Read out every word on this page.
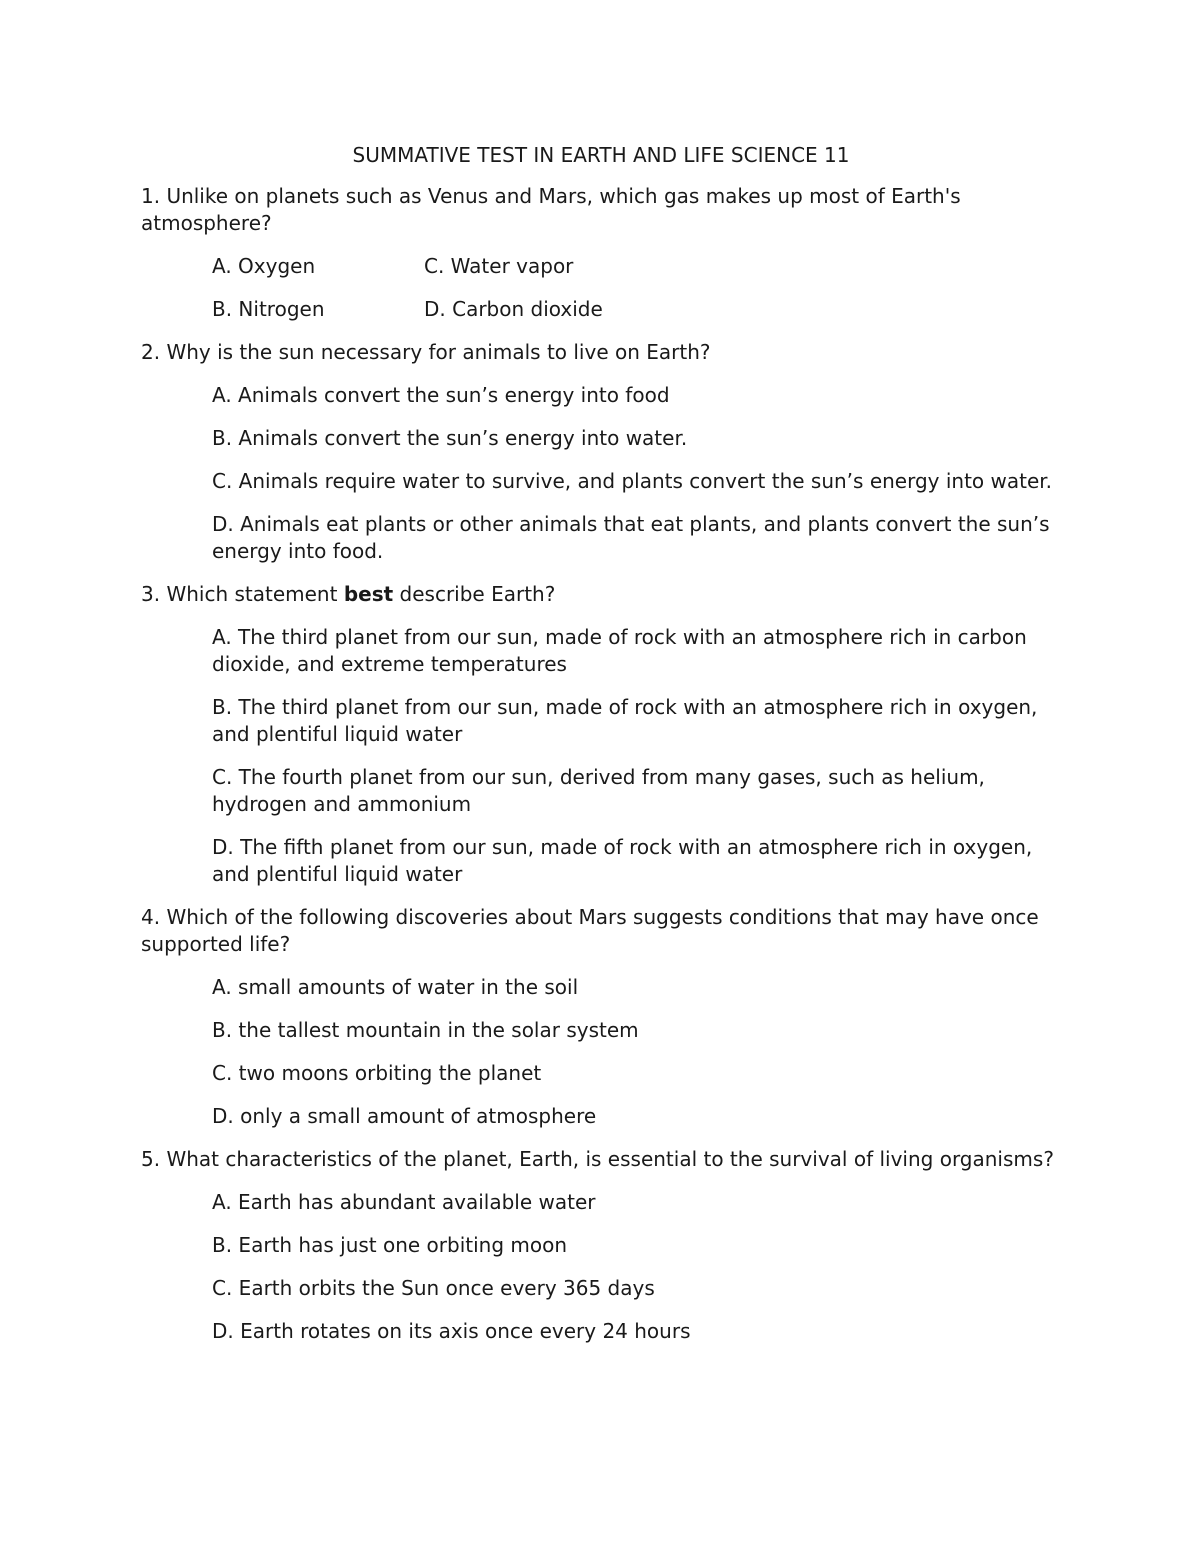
SUMMATIVE TEST IN EARTH AND LIFE SCIENCE 11
1. Unlike on planets such as Venus and Mars, which gas makes up most of Earth's atmosphere?
A. Oxygen	C. Water vapor
B. Nitrogen	D. Carbon dioxide
2. Why is the sun necessary for animals to live on Earth?
A. Animals convert the sun’s energy into food
B. Animals convert the sun’s energy into water.
C. Animals require water to survive, and plants convert the sun’s energy into water.
D. Animals eat plants or other animals that eat plants, and plants convert the sun’s energy into food.
3. Which statement best describe Earth?
A. The third planet from our sun, made of rock with an atmosphere rich in carbon dioxide, and extreme temperatures
B. The third planet from our sun, made of rock with an atmosphere rich in oxygen, and plentiful liquid water
C. The fourth planet from our sun, derived from many gases, such as helium, hydrogen and ammonium
D. The fifth planet from our sun, made of rock with an atmosphere rich in oxygen, and plentiful liquid water
4. Which of the following discoveries about Mars suggests conditions that may have once supported life?
A. small amounts of water in the soil
B. the tallest mountain in the solar system
C. two moons orbiting the planet
D. only a small amount of atmosphere
5. What characteristics of the planet, Earth, is essential to the survival of living organisms?
A. Earth has abundant available water
B. Earth has just one orbiting moon
C. Earth orbits the Sun once every 365 days
D. Earth rotates on its axis once every 24 hours
